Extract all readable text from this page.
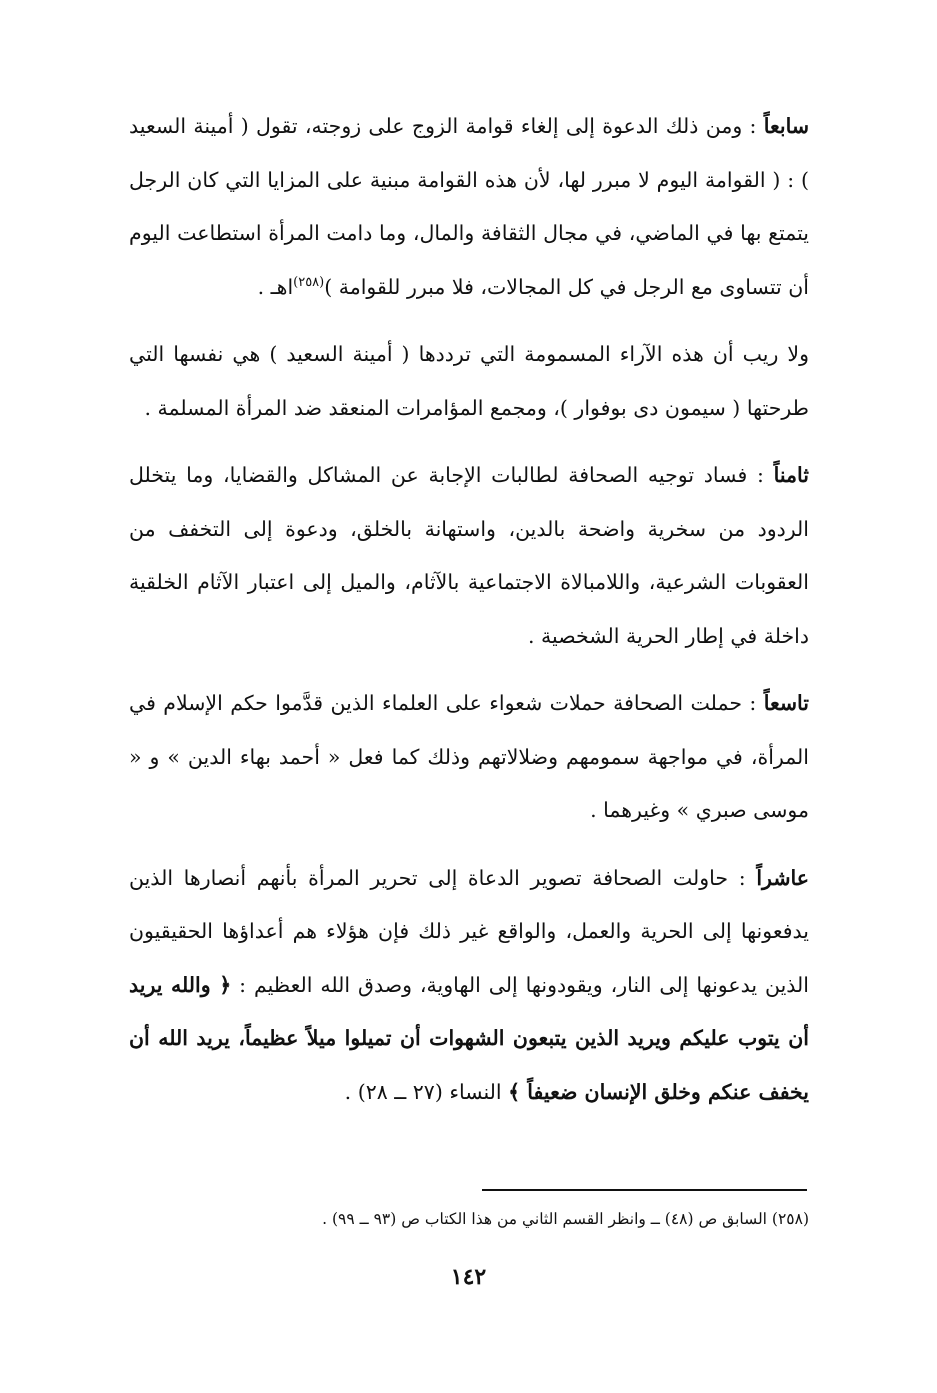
سابعاً : ومن ذلك الدعوة إلى إلغاء قوامة الزوج على زوجته، تقول ( أمينة السعيد ) : ( القوامة اليوم لا مبرر لها، لأن هذه القوامة مبنية على المزايا التي كان الرجل يتمتع بها في الماضي، في مجال الثقافة والمال، وما دامت المرأة استطاعت اليوم أن تتساوى مع الرجل في كل المجالات، فلا مبرر للقوامة )$^{(٢٥٨)}$اهـ .

ولا ريب أن هذه الآراء المسمومة التي ترددها ( أمينة السعيد ) هي نفسها التي طرحتها ( سيمون دى بوفوار )، ومجمع المؤامرات المنعقد ضد المرأة المسلمة .

ثامناً : فساد توجيه الصحافة لطالبات الإجابة عن المشاكل والقضايا، وما يتخلل الردود من سخرية واضحة بالدين، واستهانة بالخلق، ودعوة إلى التخفف من العقوبات الشرعية، واللامبالاة الاجتماعية بالآثام، والميل إلى اعتبار الآثام الخلقية داخلة في إطار الحرية الشخصية .

تاسعاً : حملت الصحافة حملات شعواء على العلماء الذين قدَّموا حكم الإسلام في المرأة، في مواجهة سمومهم وضلالاتهم وذلك كما فعل « أحمد بهاء الدين » و « موسى صبري » وغيرهما .

عاشراً : حاولت الصحافة تصوير الدعاة إلى تحرير المرأة بأنهم أنصارها الذين يدفعونها إلى الحرية والعمل، والواقع غير ذلك فإن هؤلاء هم أعداؤها الحقيقيون الذين يدعونها إلى النار، ويقودونها إلى الهاوية، وصدق الله العظيم : ﴿ والله يريد أن يتوب عليكم ويريد الذين يتبعون الشهوات أن تميلوا ميلاً عظيماً، يريد الله أن يخفف عنكم وخلق الإنسان ضعيفاً ﴾ النساء (٢٧ ــ ٢٨) .

(٢٥٨) السابق ص (٤٨) ــ وانظر القسم الثاني من هذا الكتاب ص (٩٣ ــ ٩٩) .
١٤٢
